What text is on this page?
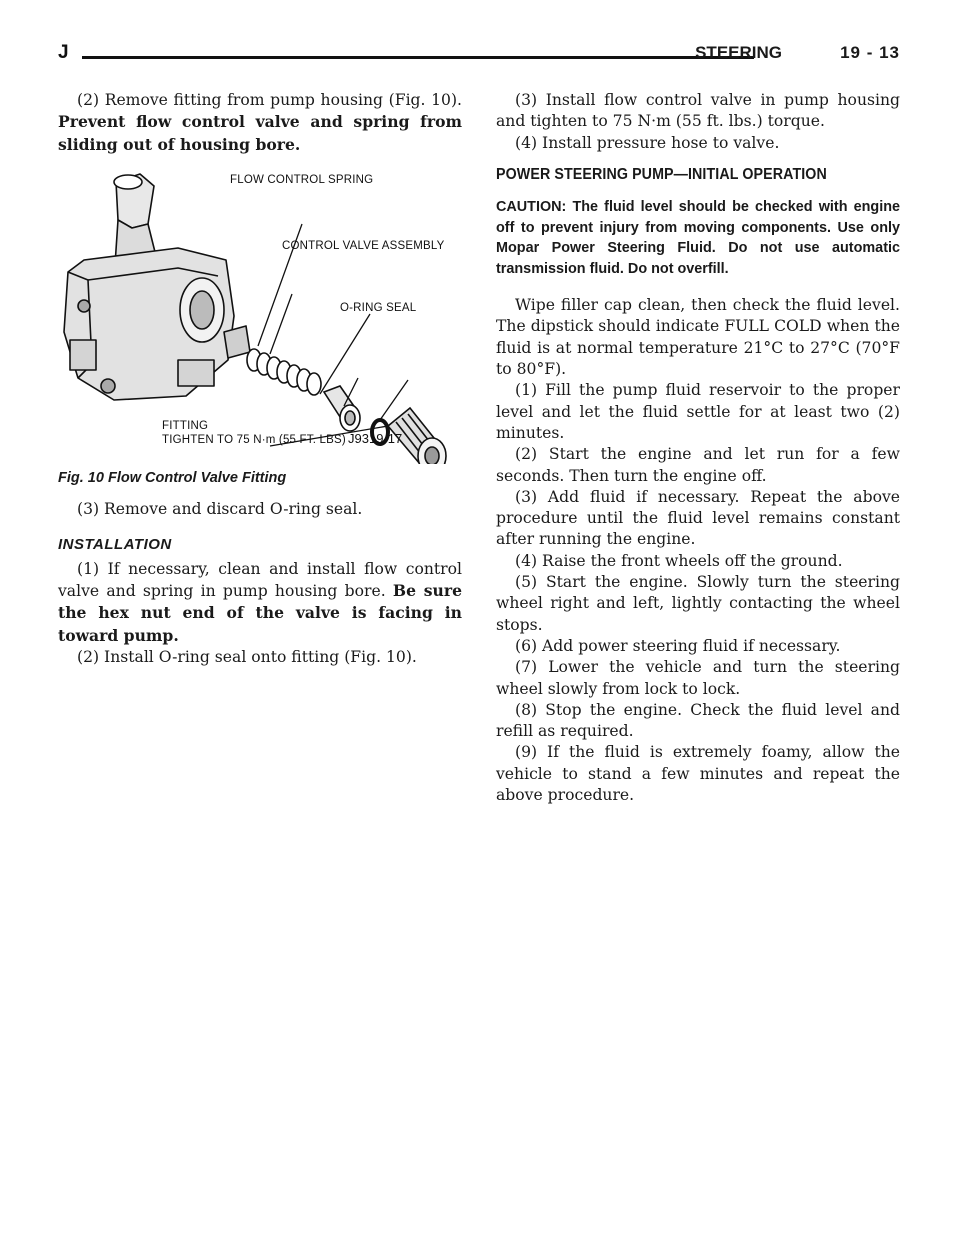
J	STEERING	19 - 13

(2) Remove fitting from pump housing (Fig. 10). Prevent flow control valve and spring from sliding out of housing bore.

FLOW CONTROL SPRING
CONTROL VALVE ASSEMBLY
O-RING SEAL
FITTING
TIGHTEN TO 75 N·m (55 FT. LBS) J9319-17

Fig. 10 Flow Control Valve Fitting

(3) Remove and discard O-ring seal.

INSTALLATION

(1) If necessary, clean and install flow control valve and spring in pump housing bore. Be sure the hex nut end of the valve is facing in toward pump.

(2) Install O-ring seal onto fitting (Fig. 10).

(3) Install flow control valve in pump housing and tighten to 75 N·m (55 ft. lbs.) torque.

(4) Install pressure hose to valve.

POWER STEERING PUMP—INITIAL OPERATION

CAUTION: The fluid level should be checked with engine off to prevent injury from moving components. Use only Mopar Power Steering Fluid. Do not use automatic transmission fluid. Do not overfill.

Wipe filler cap clean, then check the fluid level. The dipstick should indicate FULL COLD when the fluid is at normal temperature 21°C to 27°C (70°F to 80°F).

(1) Fill the pump fluid reservoir to the proper level and let the fluid settle for at least two (2) minutes.

(2) Start the engine and let run for a few seconds. Then turn the engine off.

(3) Add fluid if necessary. Repeat the above procedure until the fluid level remains constant after running the engine.

(4) Raise the front wheels off the ground.

(5) Start the engine. Slowly turn the steering wheel right and left, lightly contacting the wheel stops.

(6) Add power steering fluid if necessary.

(7) Lower the vehicle and turn the steering wheel slowly from lock to lock.

(8) Stop the engine. Check the fluid level and refill as required.

(9) If the fluid is extremely foamy, allow the vehicle to stand a few minutes and repeat the above procedure.
